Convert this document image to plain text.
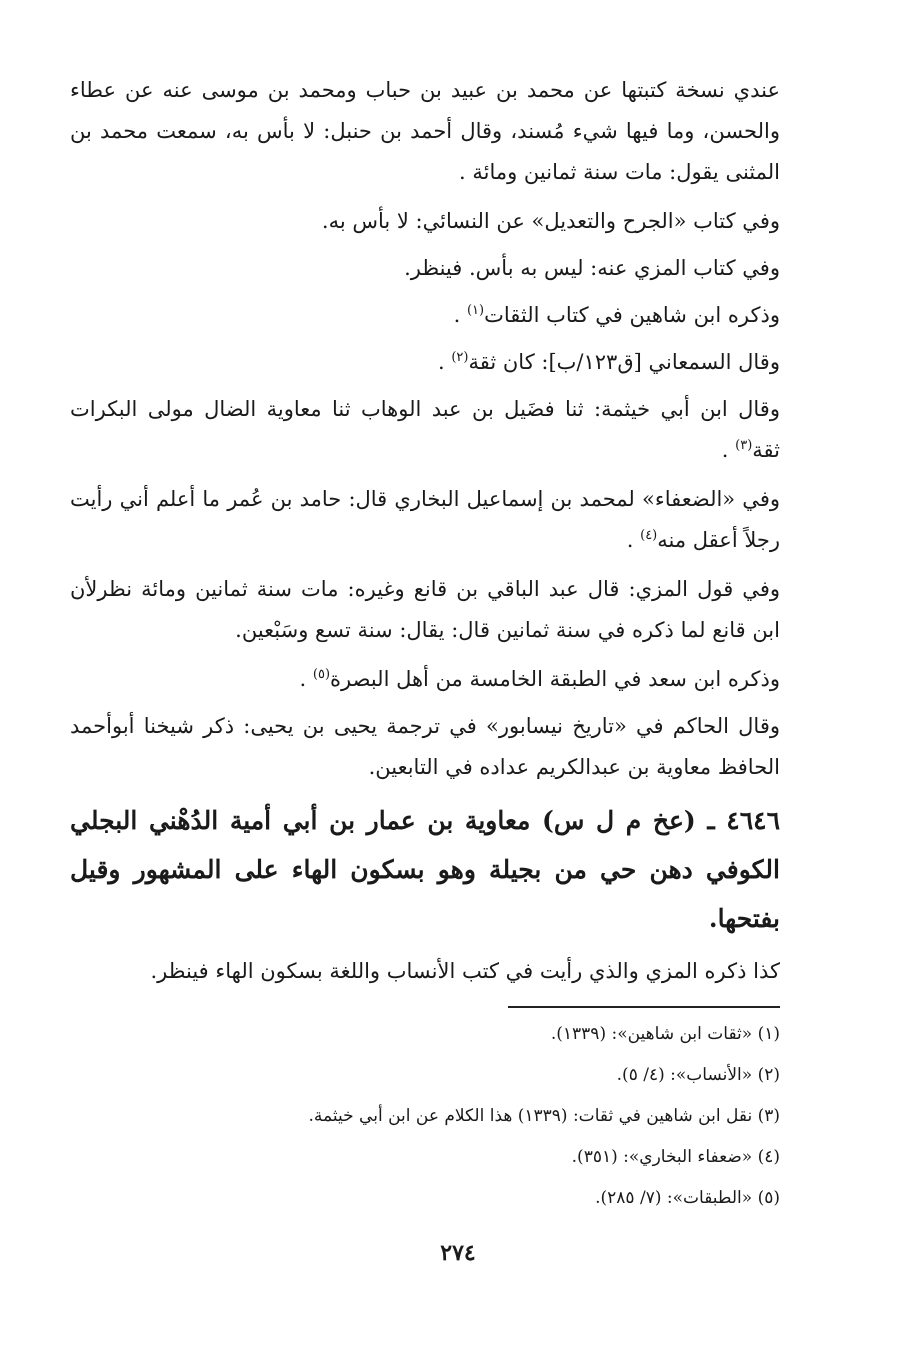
عندي نسخة كتبتها عن محمد بن عبيد بن حباب ومحمد بن موسى عنه عن عطاء والحسن، وما فيها شيء مُسند، وقال أحمد بن حنبل: لا بأس به، سمعت محمد بن المثنى يقول: مات سنة ثمانين ومائة .

وفي كتاب «الجرح والتعديل» عن النسائي: لا بأس به.

وفي كتاب المزي عنه: ليس به بأس. فينظر.

وذكره ابن شاهين في كتاب الثقات$^{(١)}$ .

وقال السمعاني [ق١٢٣/ب]: كان ثقة$^{(٢)}$ .

وقال ابن أبي خيثمة: ثنا فضَيل بن عبد الوهاب ثنا معاوية الضال مولى البكرات ثقة$^{(٣)}$ .

وفي «الضعفاء» لمحمد بن إسماعيل البخاري قال: حامد بن عُمر ما أعلم أني رأيت رجلاً أعقل منه$^{(٤)}$ .

وفي قول المزي: قال عبد الباقي بن قانع وغيره: مات سنة ثمانين ومائة نظرلأن ابن قانع لما ذكره في سنة ثمانين قال: يقال: سنة تسع وسَبْعين.

وذكره ابن سعد في الطبقة الخامسة من أهل البصرة$^{(٥)}$ .

وقال الحاكم في «تاريخ نيسابور» في ترجمة يحيى بن يحيى: ذكر شيخنا أبوأحمد الحافظ معاوية بن عبدالكريم عداده في التابعين.

٤٦٤٦ ـ (عخ م ل س) معاوية بن عمار بن أبي أمية الدُهْني البجلي الكوفي دهن حي من بجيلة وهو بسكون الهاء على المشهور وقيل بفتحها.

كذا ذكره المزي والذي رأيت في كتب الأنساب واللغة بسكون الهاء فينظر.

(١) «ثقات ابن شاهين»: (١٣٣٩).

(٢) «الأنساب»: (٤/ ٥).

(٣) نقل ابن شاهين في ثقات: (١٣٣٩) هذا الكلام عن ابن أبي خيثمة.

(٤) «ضعفاء البخاري»: (٣٥١).

(٥) «الطبقات»: (٧/ ٢٨٥).

٢٧٤
